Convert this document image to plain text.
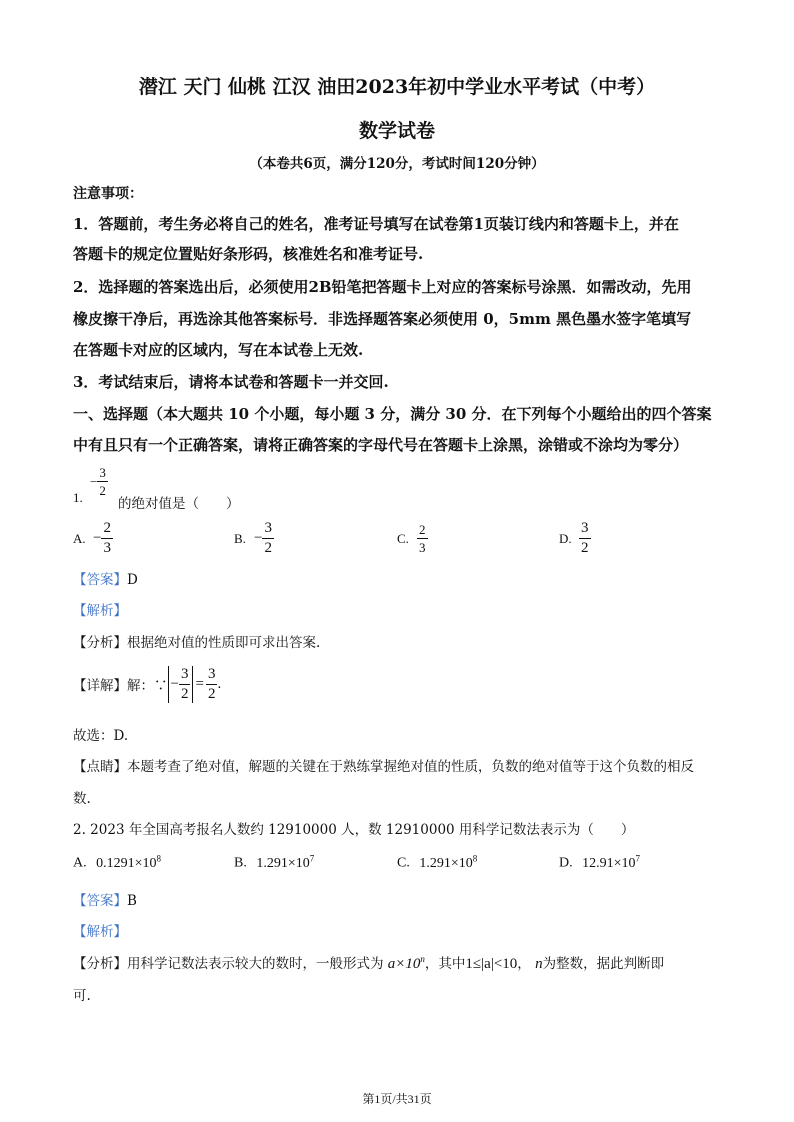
潜江 天门 仙桃 江汉 油田2023年初中学业水平考试（中考）
数学试卷
（本卷共6页，满分120分，考试时间120分钟）
注意事项：
1．答题前，考生务必将自己的姓名，准考证号填写在试卷第1页装订线内和答题卡上，并在
答题卡的规定位置贴好条形码，核准姓名和准考证号.
2．选择题的答案选出后，必须使用2B铅笔把答题卡上对应的答案标号涂黑．如需改动，先用
橡皮擦干净后，再选涂其他答案标号．非选择题答案必须使用 0，5mm 黑色墨水签字笔填写
在答题卡对应的区域内，写在本试卷上无效.
3．考试结束后，请将本试卷和答题卡一并交回.
一、选择题（本大题共 10 个小题，每小题 3 分，满分 30 分．在下列每个小题给出的四个答案
中有且只有一个正确答案，请将正确答案的字母代号在答题卡上涂黑，涂错或不涂均为零分）
1.
− $\frac{3}{2}$
的绝对值是（　　）
A. − $\frac{2}{3}$	B. − $\frac{3}{2}$	C. $\frac{2}{3}$	D. $\frac{3}{2}$
【答案】D
【解析】
【分析】根据绝对值的性质即可求出答案.
【详解】 解：∵ − $\frac{3}{2} = \frac{3}{2}$ .
故选：D.
【点睛】本题考查了绝对值，解题的关键在于熟练掌握绝对值的性质，负数的绝对值等于这个负数的相反
数.
2. 2023 年全国高考报名人数约 12910000 人，数 12910000 用科学记数法表示为（　　）
A. $0.1291\times 10^8$	B. $1.291\times 10^7$	C. $1.291\times 10^8$	D. $12.91\times 10^7$
【答案】B
【解析】
【分析】用科学记数法表示较大的数时，一般形式为 $a\times 10^n$，其中1≤|a|<10， n为整数，据此判断即
可.
第1页/共31页
